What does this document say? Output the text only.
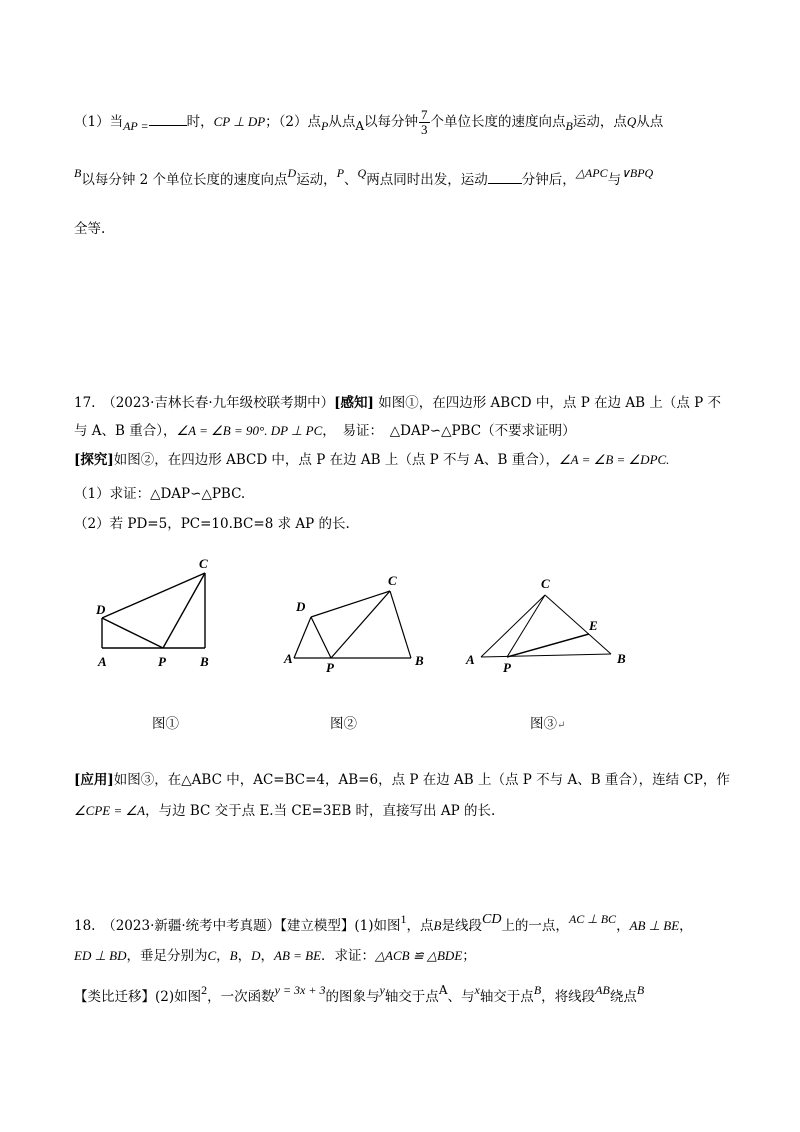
（1）当AP =	时，CP ⊥ DP；（2）点P从点A以每分钟 $\frac{7}{3}$ 个单位长度的速度向点B运动，点Q从点
B以每分钟 2 个单位长度的速度向点D运动，P、Q两点同时出发，运动	分钟后，△APC与∨BPQ
全等.
17.　（2023·吉林长春·九年级校联考期中）[感知] 如图①，在四边形 ABCD 中，点 P 在边 AB 上（点 P 不
与 A、B 重合），∠A = ∠B = 90°. DP ⊥ PC，　易证：　△DAP∽△PBC（不要求证明）
[探究]如图②，在四边形 ABCD 中，点 P 在边 AB 上（点 P 不与 A、B 重合），∠A = ∠B = ∠DPC.
（1）求证：△DAP∽△PBC.
（2）若 PD=5，PC=10.BC=8 求 AP 的长.
A	P	B
D
C
A
P	B
D
C
A
P
B
C
E
图①	图②	图③↵
[应用]如图③，在△ABC 中，AC=BC=4，AB=6，点 P 在边 AB 上（点 P 不与 A、B 重合），连结 CP，作
∠CPE = ∠A，与边 BC 交于点 E.当 CE=3EB 时，直接写出 AP 的长.
18.　（2023·新疆·统考中考真题）【建立模型】(1)如图1，点B是线段CD上的一点，AC ⊥ BC，AB ⊥ BE，
ED ⊥ BD，垂足分别为C，B，D，AB = BE．求证：△ACB ≌ △BDE；
【类比迁移】(2)如图2，一次函数y = 3x + 3的图象与y轴交于点A、与x轴交于点B，将线段AB绕点B
